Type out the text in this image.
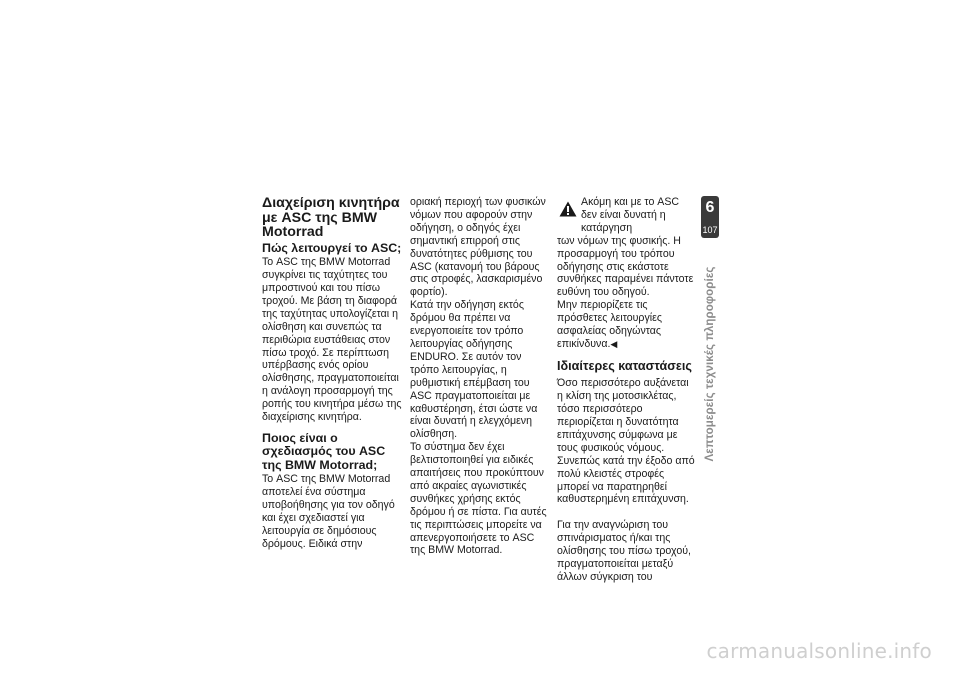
Διαχείριση κινητήρα με ASC της BMW Motorrad
Πώς λειτουργεί το ASC;

Το ASC της BMW Motorrad συγκρίνει τις ταχύτητες του μπροστινού και του πίσω τροχού. Με βάση τη διαφορά της ταχύτητας υπολογίζεται η ολίσθηση και συνεπώς τα περιθώρια ευστάθειας στον πίσω τροχό. Σε περίπτωση υπέρβασης ενός ορίου ολίσθησης, πραγματοποιείται η ανάλογη προσαρμογή της ροπής του κινητήρα μέσω της διαχείρισης κινητήρα.

Ποιος είναι ο σχεδιασμός του ASC της BMW Motorrad;

Το ASC της BMW Motorrad αποτελεί ένα σύστημα υποβοήθησης για τον οδηγό και έχει σχεδιαστεί για λειτουργία σε δημόσιους δρόμους. Ειδικά στην

οριακή περιοχή των φυσικών νόμων που αφορούν στην οδήγηση, ο οδηγός έχει σημαντική επιρροή στις δυνατότητες ρύθμισης του ASC (κατανομή του βάρους στις στροφές, λασκαρισμένο φορτίο).

Κατά την οδήγηση εκτός δρόμου θα πρέπει να ενεργοποιείτε τον τρόπο λειτουργίας οδήγησης ENDURO. Σε αυτόν τον τρόπο λειτουργίας, η ρυθμιστική επέμβαση του ASC πραγματοποιείται με καθυστέρηση, έτσι ώστε να είναι δυνατή η ελεγχόμενη ολίσθηση.

Το σύστημα δεν έχει βελτιστοποιηθεί για ειδικές απαιτήσεις που προκύπτουν από ακραίες αγωνιστικές συνθήκες χρήσης εκτός δρόμου ή σε πίστα. Για αυτές τις περιπτώσεις μπορείτε να απενεργοποιήσετε το ASC της BMW Motorrad.

Ακόμη και με το ASC δεν είναι δυνατή η κατάργηση

των νόμων της φυσικής. Η προσαρμογή του τρόπου οδήγησης στις εκάστοτε συνθήκες παραμένει πάντοτε ευθύνη του οδηγού.

Μην περιορίζετε τις πρόσθετες λειτουργίες ασφαλείας οδηγώντας επικίνδυνα.◀

Ιδιαίτερες καταστάσεις

Όσο περισσότερο αυξάνεται η κλίση της μοτοσικλέτας, τόσο περισσότερο περιορίζεται η δυνατότητα επιτάχυνσης σύμφωνα με τους φυσικούς νόμους. Συνεπώς κατά την έξοδο από πολύ κλειστές στροφές μπορεί να παρατηρηθεί καθυστερημένη επιτάχυνση.

Για την αναγνώριση του σπινάρισματος ή/και της ολίσθησης του πίσω τροχού, πραγματοποιείται μεταξύ άλλων σύγκριση του

6
107
Λεπτομερείς τεχνικές πληροφορίες
carmanualsonline.info
